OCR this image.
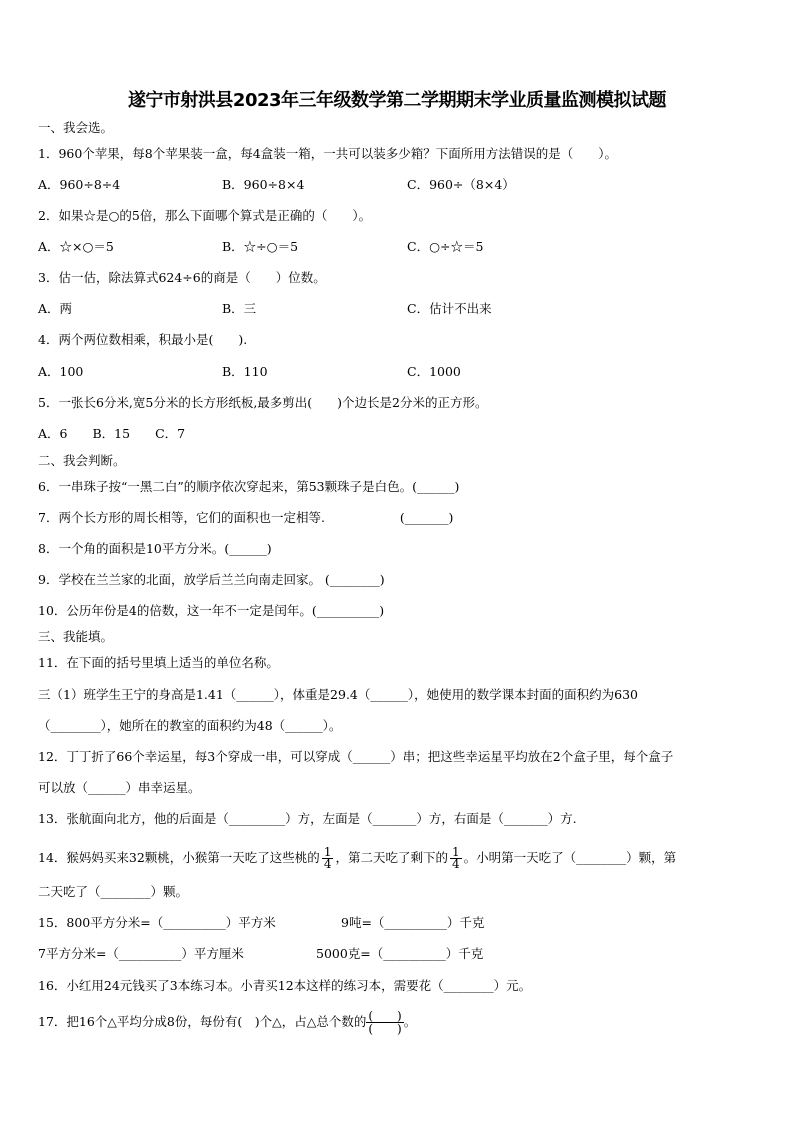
遂宁市射洪县2023年三年级数学第二学期期末学业质量监测模拟试题
一、我会选。
1．960个苹果，每8个苹果装一盒，每4盒装一箱，一共可以装多少箱？下面所用方法错误的是（　　）。
A．960÷8÷4	B．960÷8×4	C．960÷（8×4）
2．如果☆是○的5倍，那么下面哪个算式是正确的（　　）。
A．☆×○＝5	B．☆÷○＝5	C．○÷☆＝5
3．估一估，除法算式624÷6的商是（　　）位数。
A．两	B．三	C．估计不出来
4．两个两位数相乘，积最小是(　　).
A．100	B．110	C．1000
5．一张长6分米,宽5分米的长方形纸板,最多剪出(　　)个边长是2分米的正方形。
A．6　　B．15　　C．7
二、我会判断。
6．一串珠子按“一黑二白”的顺序依次穿起来，第53颗珠子是白色。(______)
7．两个长方形的周长相等，它们的面积也一定相等.　　　　　　(_______)
8．一个角的面积是10平方分米。(______)
9．学校在兰兰家的北面，放学后兰兰向南走回家。 (________)
10．公历年份是4的倍数，这一年不一定是闰年。(__________)
三、我能填。
11．在下面的括号里填上适当的单位名称。
三（1）班学生王宁的身高是1.41（______），体重是29.4（______），她使用的数学课本封面的面积约为630
（________），她所在的教室的面积约为48（______）。
12．丁丁折了66个幸运星，每3个穿成一串，可以穿成（______）串；把这些幸运星平均放在2个盒子里，每个盒子
可以放（______）串幸运星。
13．张航面向北方，他的后面是（_________）方，左面是（_______）方，右面是（_______）方.
14．猴妈妈买来32颗桃，小猴第一天吃了这些桃的 $\frac{1}{4}$ ，第二天吃了剩下的 $\frac{1}{4}$ 。小明第一天吃了（________）颗，第
二天吃了（________）颗。
15．800平方分米=（__________）平方米	9吨=（__________）千克
7平方分米=（__________）平方厘米	5000克=（__________）千克
16．小红用24元钱买了3本练习本。小青买12本这样的练习本，需要花（________）元。
17．把16个△平均分成8份，每份有(　)个△，占△总个数的 $\frac{( )}{( )}$ 。
